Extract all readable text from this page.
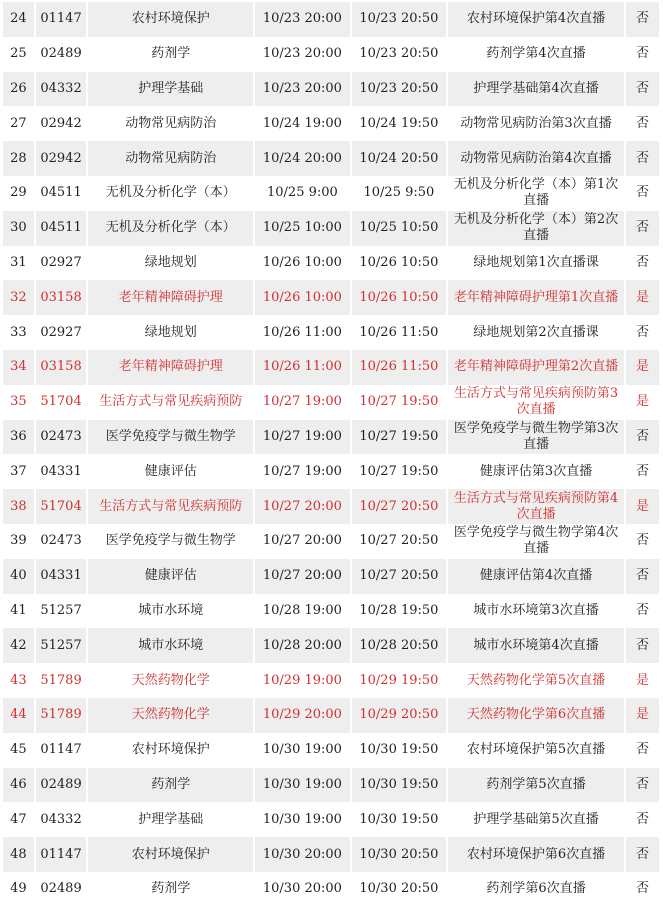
24	01147	农村环境保护	10/23 20:00	10/23 20:50	农村环境保护第4次直播	否
25	02489	药剂学	10/23 20:00	10/23 20:50	药剂学第4次直播	否
26	04332	护理学基础	10/23 20:00	10/23 20:50	护理学基础第4次直播	否
27	02942	动物常见病防治	10/24 19:00	10/24 19:50	动物常见病防治第3次直播	否
28	02942	动物常见病防治	10/24 20:00	10/24 20:50	动物常见病防治第4次直播	否
29	04511	无机及分析化学（本）	10/25 9:00	10/25 9:50	无机及分析化学（本）第1次直播	否
30	04511	无机及分析化学（本）	10/25 10:00	10/25 10:50	无机及分析化学（本）第2次直播	否
31	02927	绿地规划	10/26 10:00	10/26 10:50	绿地规划第1次直播课	否
32	03158	老年精神障碍护理	10/26 10:00	10/26 10:50	老年精神障碍护理第1次直播	是
33	02927	绿地规划	10/26 11:00	10/26 11:50	绿地规划第2次直播课	否
34	03158	老年精神障碍护理	10/26 11:00	10/26 11:50	老年精神障碍护理第2次直播	是
35	51704	生活方式与常见疾病预防	10/27 19:00	10/27 19:50	生活方式与常见疾病预防第3次直播	是
36	02473	医学免疫学与微生物学	10/27 19:00	10/27 19:50	医学免疫学与微生物学第3次直播	否
37	04331	健康评估	10/27 19:00	10/27 19:50	健康评估第3次直播	否
38	51704	生活方式与常见疾病预防	10/27 20:00	10/27 20:50	生活方式与常见疾病预防第4次直播	是
39	02473	医学免疫学与微生物学	10/27 20:00	10/27 20:50	医学免疫学与微生物学第4次直播	否
40	04331	健康评估	10/27 20:00	10/27 20:50	健康评估第4次直播	否
41	51257	城市水环境	10/28 19:00	10/28 19:50	城市水环境第3次直播	否
42	51257	城市水环境	10/28 20:00	10/28 20:50	城市水环境第4次直播	否
43	51789	天然药物化学	10/29 19:00	10/29 19:50	天然药物化学第5次直播	是
44	51789	天然药物化学	10/29 20:00	10/29 20:50	天然药物化学第6次直播	是
45	01147	农村环境保护	10/30 19:00	10/30 19:50	农村环境保护第5次直播	否
46	02489	药剂学	10/30 19:00	10/30 19:50	药剂学第5次直播	否
47	04332	护理学基础	10/30 19:00	10/30 19:50	护理学基础第5次直播	否
48	01147	农村环境保护	10/30 20:00	10/30 20:50	农村环境保护第6次直播	否
49	02489	药剂学	10/30 20:00	10/30 20:50	药剂学第6次直播	否
